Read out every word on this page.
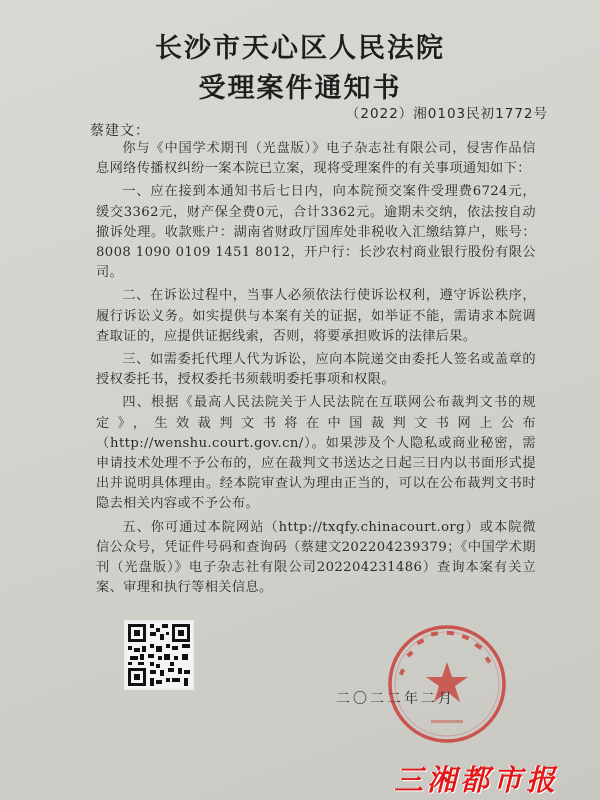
长沙市天心区人民法院
受理案件通知书
（2022）湘0103民初1772号
蔡建文：

你与《中国学术期刊（光盘版）》电子杂志社有限公司，侵害作品信息网络传播权纠纷一案本院已立案，现将受理案件的有关事项通知如下：

一、应在接到本通知书后七日内，向本院预交案件受理费6724元，缓交3362元，财产保全费0元，合计3362元。逾期未交纳，依法按自动撤诉处理。收款账户：湖南省财政厅国库处非税收入汇缴结算户，账号：8008 1090 0109 1451 8012，开户行：长沙农村商业银行股份有限公司。

二、在诉讼过程中，当事人必须依法行使诉讼权利，遵守诉讼秩序，履行诉讼义务。如实提供与本案有关的证据，如举证不能，需请求本院调查取证的，应提供证据线索，否则，将要承担败诉的法律后果。

三、如需委托代理人代为诉讼，应向本院递交由委托人签名或盖章的授权委托书，授权委托书须载明委托事项和权限。

四、根据《最高人民法院关于人民法院在互联网公布裁判文书的规定》，生效裁判文书将在中国裁判文书网上公布（http://wenshu.court.gov.cn/）。如果涉及个人隐私或商业秘密，需申请技术处理不予公布的，应在裁判文书送达之日起三日内以书面形式提出并说明具体理由。经本院审查认为理由正当的，可以在公布裁判文书时隐去相关内容或不予公布。

五、你可通过本院网站（http://txqfy.chinacourt.org）或本院微信公众号，凭证件号码和查询码（蔡建文202204239379；《中国学术期刊（光盘版）》电子杂志社有限公司202204231486）查询本案有关立案、审理和执行等相关信息。

二〇二二年二月
三湘都市报
